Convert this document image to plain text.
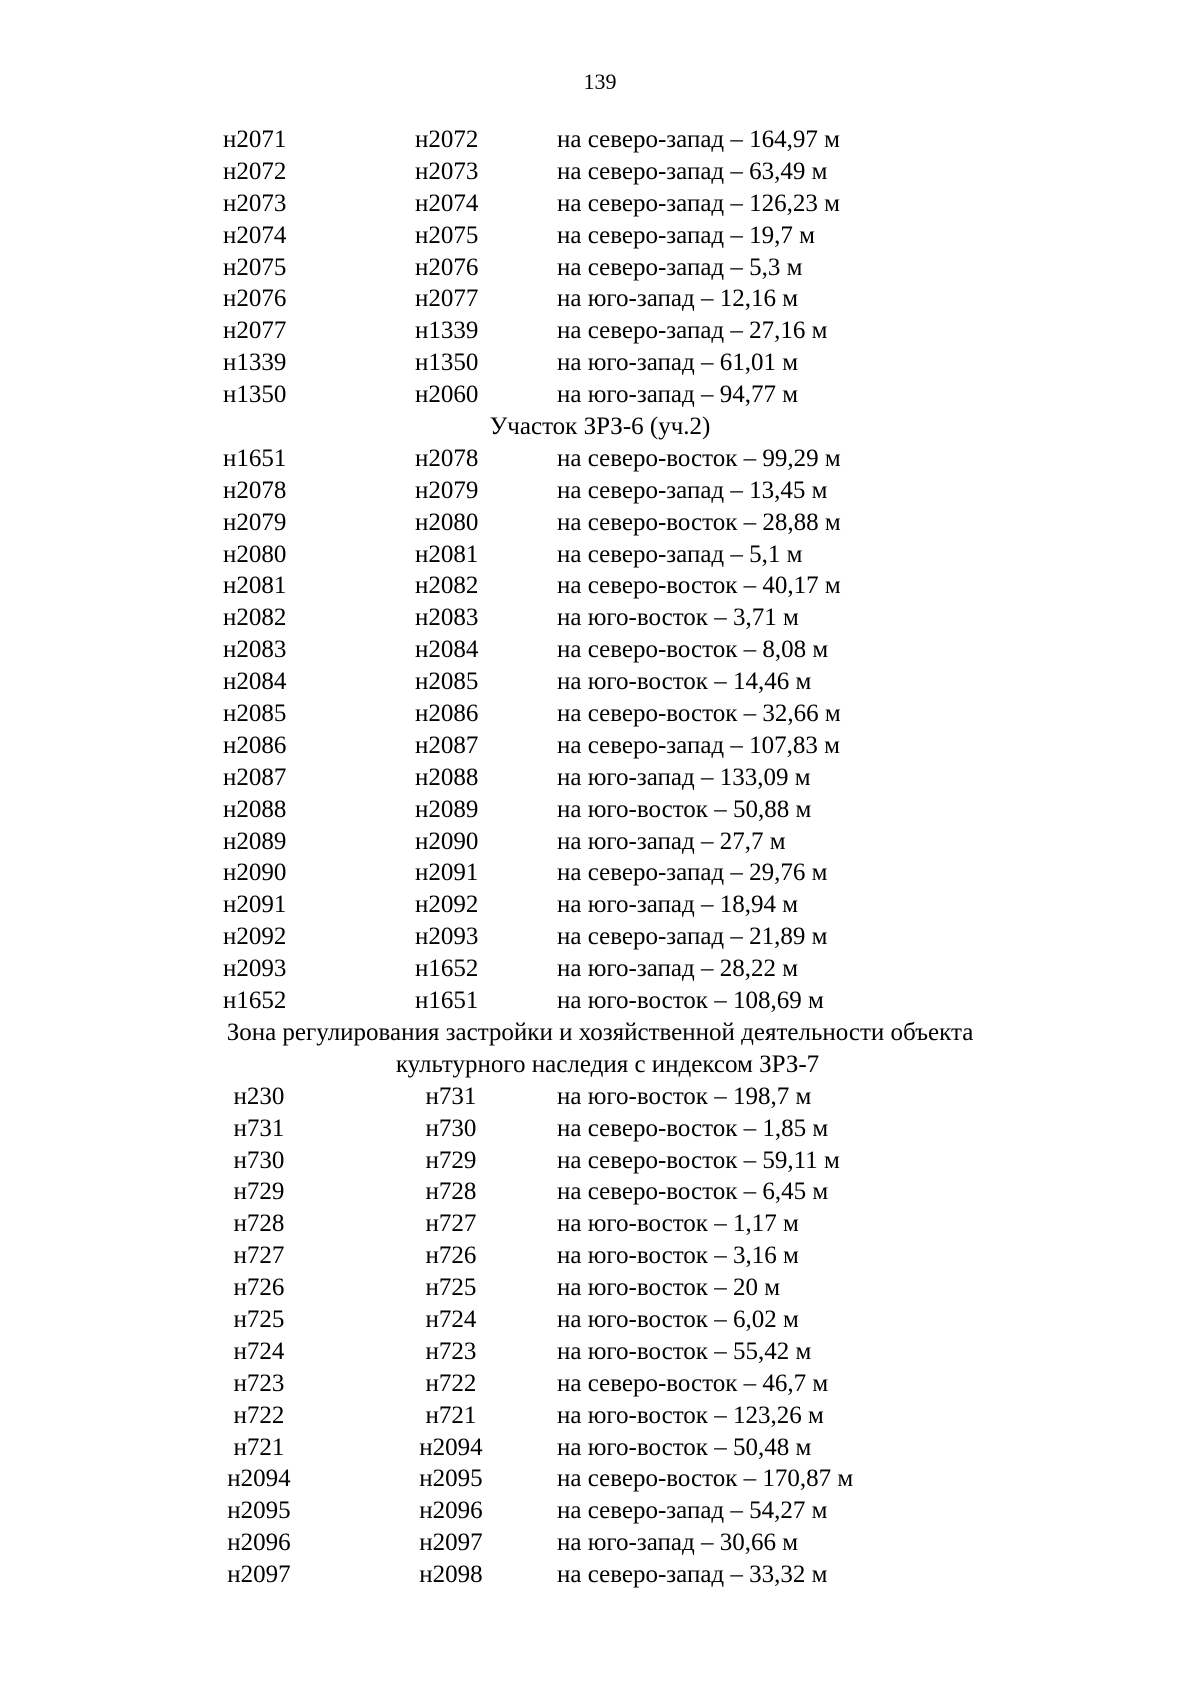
139
н2071	н2072	на северо-запад – 164,97 м
н2072	н2073	на северо-запад – 63,49 м
н2073	н2074	на северо-запад – 126,23 м
н2074	н2075	на северо-запад – 19,7 м
н2075	н2076	на северо-запад – 5,3 м
н2076	н2077	на юго-запад – 12,16 м
н2077	н1339	на северо-запад – 27,16 м
н1339	н1350	на юго-запад – 61,01 м
н1350	н2060	на юго-запад – 94,77 м
Участок ЗРЗ-6 (уч.2)
н1651	н2078	на северо-восток – 99,29 м
н2078	н2079	на северо-запад – 13,45 м
н2079	н2080	на северо-восток – 28,88 м
н2080	н2081	на северо-запад – 5,1 м
н2081	н2082	на северо-восток – 40,17 м
н2082	н2083	на юго-восток – 3,71 м
н2083	н2084	на северо-восток – 8,08 м
н2084	н2085	на юго-восток – 14,46 м
н2085	н2086	на северо-восток – 32,66 м
н2086	н2087	на северо-запад – 107,83 м
н2087	н2088	на юго-запад – 133,09 м
н2088	н2089	на юго-восток – 50,88 м
н2089	н2090	на юго-запад – 27,7 м
н2090	н2091	на северо-запад – 29,76 м
н2091	н2092	на юго-запад – 18,94 м
н2092	н2093	на северо-запад – 21,89 м
н2093	н1652	на юго-запад – 28,22 м
н1652	н1651	на юго-восток – 108,69 м
Зона регулирования застройки и хозяйственной деятельности объекта
культурного наследия с индексом ЗРЗ-7
н230	н731	на юго-восток – 198,7 м
н731	н730	на северо-восток – 1,85 м
н730	н729	на северо-восток – 59,11 м
н729	н728	на северо-восток – 6,45 м
н728	н727	на юго-восток – 1,17 м
н727	н726	на юго-восток – 3,16 м
н726	н725	на юго-восток – 20 м
н725	н724	на юго-восток – 6,02 м
н724	н723	на юго-восток – 55,42 м
н723	н722	на северо-восток – 46,7 м
н722	н721	на юго-восток – 123,26 м
н721	н2094	на юго-восток – 50,48 м
н2094	н2095	на северо-восток – 170,87 м
н2095	н2096	на северо-запад – 54,27 м
н2096	н2097	на юго-запад – 30,66 м
н2097	н2098	на северо-запад – 33,32 м
